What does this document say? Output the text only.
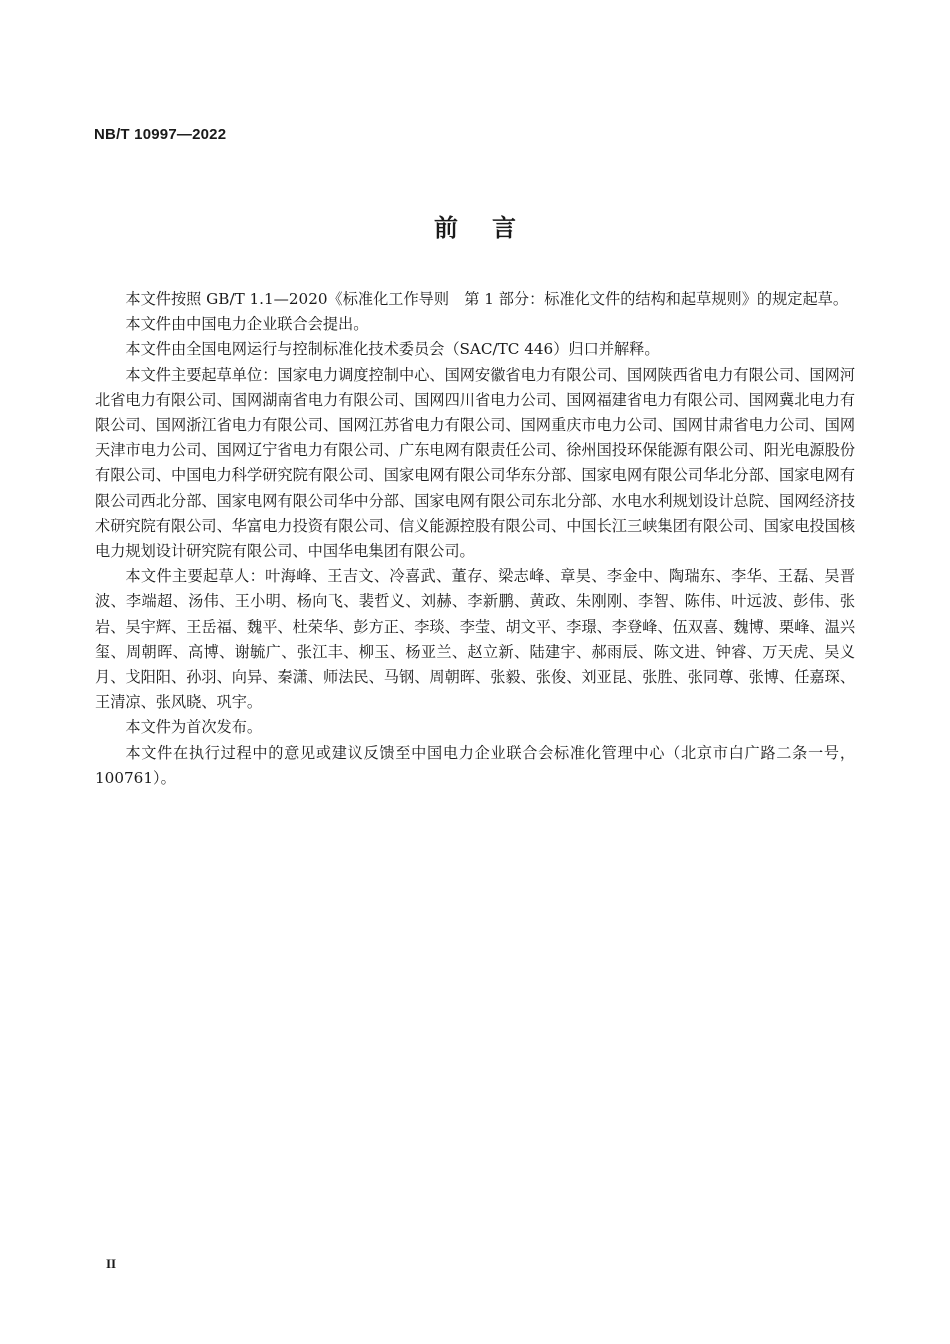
NB/T 10997—2022
前言

本文件按照 GB/T 1.1—2020《标准化工作导则　第 1 部分：标准化文件的结构和起草规则》的规定起草。

本文件由中国电力企业联合会提出。

本文件由全国电网运行与控制标准化技术委员会（SAC/TC 446）归口并解释。

本文件主要起草单位：国家电力调度控制中心、国网安徽省电力有限公司、国网陕西省电力有限公司、国网河北省电力有限公司、国网湖南省电力有限公司、国网四川省电力公司、国网福建省电力有限公司、国网冀北电力有限公司、国网浙江省电力有限公司、国网江苏省电力有限公司、国网重庆市电力公司、国网甘肃省电力公司、国网天津市电力公司、国网辽宁省电力有限公司、广东电网有限责任公司、徐州国投环保能源有限公司、阳光电源股份有限公司、中国电力科学研究院有限公司、国家电网有限公司华东分部、国家电网有限公司华北分部、国家电网有限公司西北分部、国家电网有限公司华中分部、国家电网有限公司东北分部、水电水利规划设计总院、国网经济技术研究院有限公司、华富电力投资有限公司、信义能源控股有限公司、中国长江三峡集团有限公司、国家电投国核电力规划设计研究院有限公司、中国华电集团有限公司。

本文件主要起草人：叶海峰、王吉文、冷喜武、董存、梁志峰、章昊、李金中、陶瑞东、李华、王磊、吴晋波、李端超、汤伟、王小明、杨向飞、裴哲义、刘赫、李新鹏、黄政、朱刚刚、李智、陈伟、叶远波、彭伟、张岩、吴宇辉、王岳福、魏平、杜荣华、彭方正、李琰、李莹、胡文平、李璟、李登峰、伍双喜、魏博、栗峰、温兴玺、周朝晖、高博、谢毓广、张江丰、柳玉、杨亚兰、赵立新、陆建宇、郝雨辰、陈文进、钟睿、万天虎、吴义月、戈阳阳、孙羽、向异、秦潇、师法民、马钢、周朝晖、张毅、张俊、刘亚昆、张胜、张同尊、张博、任嘉琛、王清凉、张风晓、巩宇。

本文件为首次发布。

本文件在执行过程中的意见或建议反馈至中国电力企业联合会标准化管理中心（北京市白广路二条一号，100761）。

II
